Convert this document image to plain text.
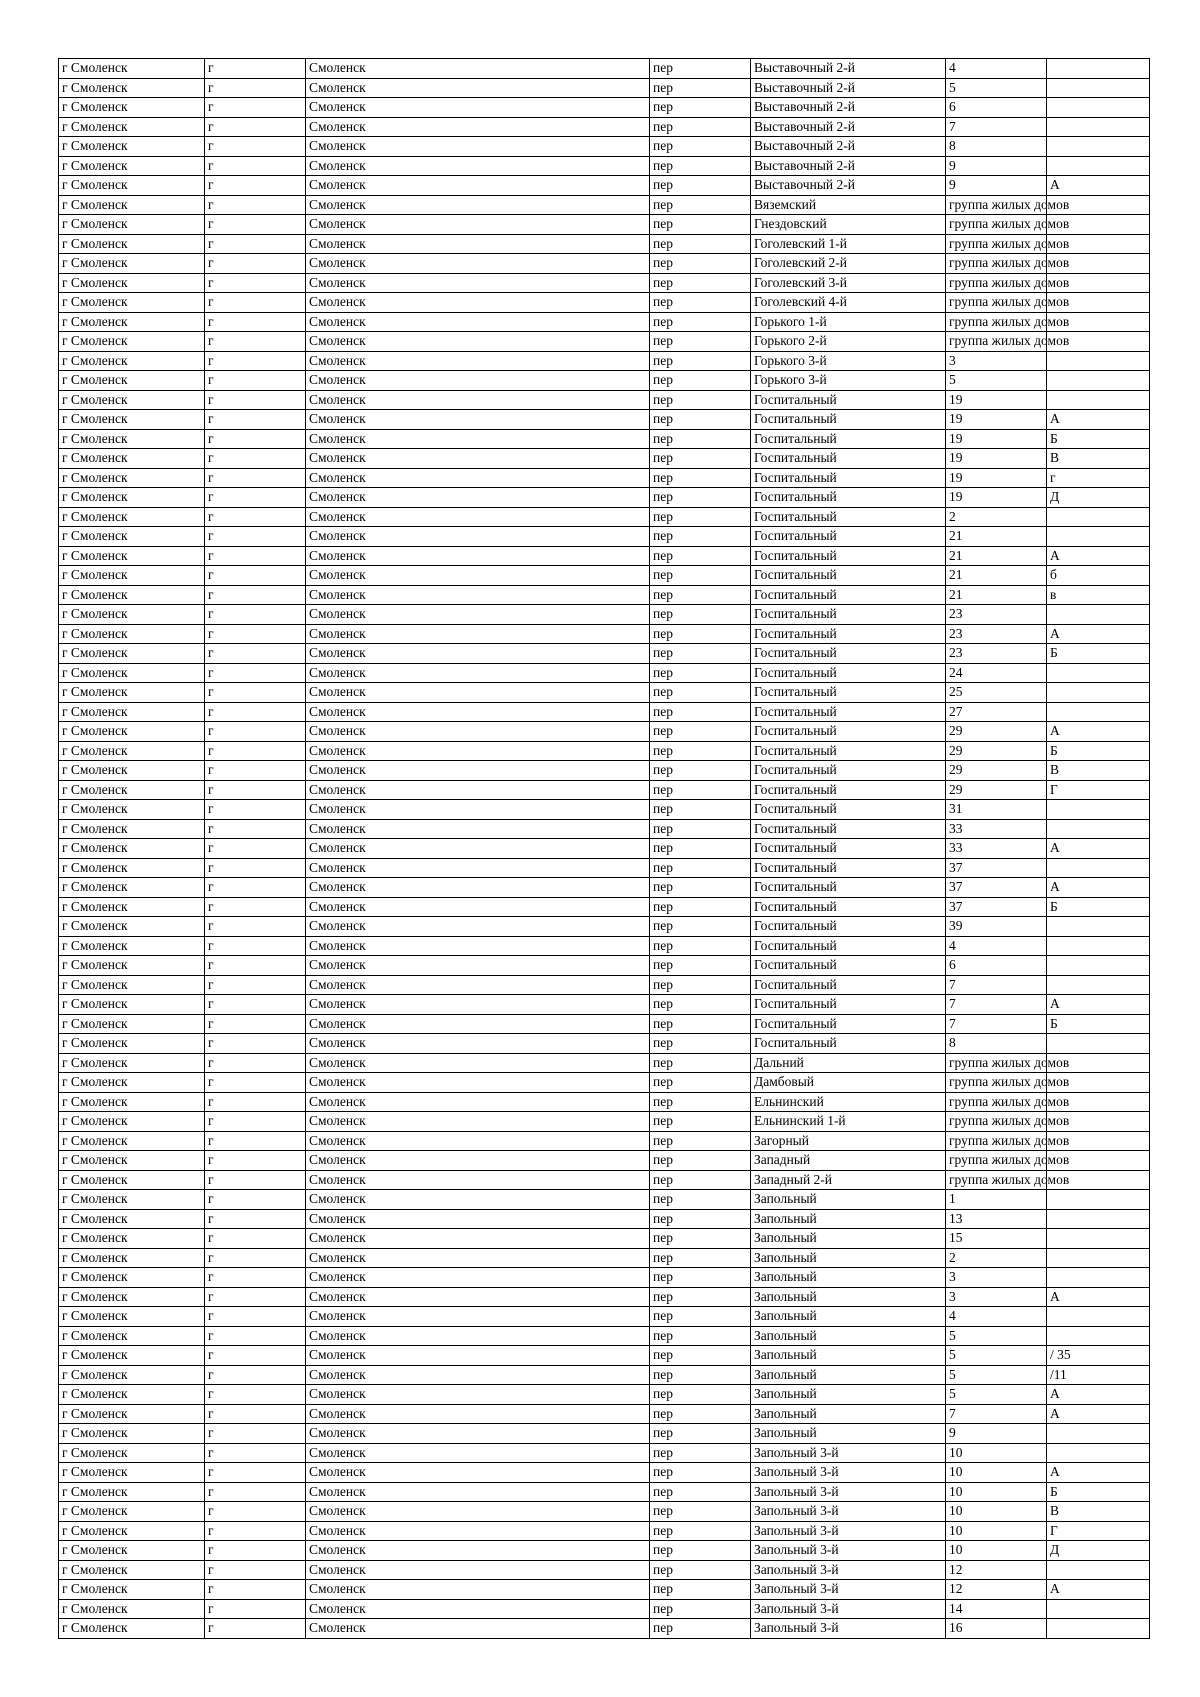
г Смоленск	г	Смоленск	пер	Выставочный 2-й	4	
г Смоленск	г	Смоленск	пер	Выставочный 2-й	5	
г Смоленск	г	Смоленск	пер	Выставочный 2-й	6	
г Смоленск	г	Смоленск	пер	Выставочный 2-й	7	
г Смоленск	г	Смоленск	пер	Выставочный 2-й	8	
г Смоленск	г	Смоленск	пер	Выставочный 2-й	9	
г Смоленск	г	Смоленск	пер	Выставочный 2-й	9	А
г Смоленск	г	Смоленск	пер	Вяземский	группа жилых домов	
г Смоленск	г	Смоленск	пер	Гнездовский	группа жилых домов	
г Смоленск	г	Смоленск	пер	Гоголевский 1-й	группа жилых домов	
г Смоленск	г	Смоленск	пер	Гоголевский 2-й	группа жилых домов	
г Смоленск	г	Смоленск	пер	Гоголевский 3-й	группа жилых домов	
г Смоленск	г	Смоленск	пер	Гоголевский 4-й	группа жилых домов	
г Смоленск	г	Смоленск	пер	Горького 1-й	группа жилых домов	
г Смоленск	г	Смоленск	пер	Горького 2-й	группа жилых домов	
г Смоленск	г	Смоленск	пер	Горького 3-й	3	
г Смоленск	г	Смоленск	пер	Горького 3-й	5	
г Смоленск	г	Смоленск	пер	Госпитальный	19	
г Смоленск	г	Смоленск	пер	Госпитальный	19	А
г Смоленск	г	Смоленск	пер	Госпитальный	19	Б
г Смоленск	г	Смоленск	пер	Госпитальный	19	В
г Смоленск	г	Смоленск	пер	Госпитальный	19	г
г Смоленск	г	Смоленск	пер	Госпитальный	19	Д
г Смоленск	г	Смоленск	пер	Госпитальный	2	
г Смоленск	г	Смоленск	пер	Госпитальный	21	
г Смоленск	г	Смоленск	пер	Госпитальный	21	А
г Смоленск	г	Смоленск	пер	Госпитальный	21	б
г Смоленск	г	Смоленск	пер	Госпитальный	21	в
г Смоленск	г	Смоленск	пер	Госпитальный	23	
г Смоленск	г	Смоленск	пер	Госпитальный	23	А
г Смоленск	г	Смоленск	пер	Госпитальный	23	Б
г Смоленск	г	Смоленск	пер	Госпитальный	24	
г Смоленск	г	Смоленск	пер	Госпитальный	25	
г Смоленск	г	Смоленск	пер	Госпитальный	27	
г Смоленск	г	Смоленск	пер	Госпитальный	29	А
г Смоленск	г	Смоленск	пер	Госпитальный	29	Б
г Смоленск	г	Смоленск	пер	Госпитальный	29	В
г Смоленск	г	Смоленск	пер	Госпитальный	29	Г
г Смоленск	г	Смоленск	пер	Госпитальный	31	
г Смоленск	г	Смоленск	пер	Госпитальный	33	
г Смоленск	г	Смоленск	пер	Госпитальный	33	А
г Смоленск	г	Смоленск	пер	Госпитальный	37	
г Смоленск	г	Смоленск	пер	Госпитальный	37	А
г Смоленск	г	Смоленск	пер	Госпитальный	37	Б
г Смоленск	г	Смоленск	пер	Госпитальный	39	
г Смоленск	г	Смоленск	пер	Госпитальный	4	
г Смоленск	г	Смоленск	пер	Госпитальный	6	
г Смоленск	г	Смоленск	пер	Госпитальный	7	
г Смоленск	г	Смоленск	пер	Госпитальный	7	А
г Смоленск	г	Смоленск	пер	Госпитальный	7	Б
г Смоленск	г	Смоленск	пер	Госпитальный	8	
г Смоленск	г	Смоленск	пер	Дальний	группа жилых домов	
г Смоленск	г	Смоленск	пер	Дамбовый	группа жилых домов	
г Смоленск	г	Смоленск	пер	Ельнинский	группа жилых домов	
г Смоленск	г	Смоленск	пер	Ельнинский 1-й	группа жилых домов	
г Смоленск	г	Смоленск	пер	Загорный	группа жилых домов	
г Смоленск	г	Смоленск	пер	Западный	группа жилых домов	
г Смоленск	г	Смоленск	пер	Западный 2-й	группа жилых домов	
г Смоленск	г	Смоленск	пер	Запольный	1	
г Смоленск	г	Смоленск	пер	Запольный	13	
г Смоленск	г	Смоленск	пер	Запольный	15	
г Смоленск	г	Смоленск	пер	Запольный	2	
г Смоленск	г	Смоленск	пер	Запольный	3	
г Смоленск	г	Смоленск	пер	Запольный	3	А
г Смоленск	г	Смоленск	пер	Запольный	4	
г Смоленск	г	Смоленск	пер	Запольный	5	
г Смоленск	г	Смоленск	пер	Запольный	5	/ 35
г Смоленск	г	Смоленск	пер	Запольный	5	/11
г Смоленск	г	Смоленск	пер	Запольный	5	А
г Смоленск	г	Смоленск	пер	Запольный	7	А
г Смоленск	г	Смоленск	пер	Запольный	9	
г Смоленск	г	Смоленск	пер	Запольный 3-й	10	
г Смоленск	г	Смоленск	пер	Запольный 3-й	10	А
г Смоленск	г	Смоленск	пер	Запольный 3-й	10	Б
г Смоленск	г	Смоленск	пер	Запольный 3-й	10	В
г Смоленск	г	Смоленск	пер	Запольный 3-й	10	Г
г Смоленск	г	Смоленск	пер	Запольный 3-й	10	Д
г Смоленск	г	Смоленск	пер	Запольный 3-й	12	
г Смоленск	г	Смоленск	пер	Запольный 3-й	12	А
г Смоленск	г	Смоленск	пер	Запольный 3-й	14	
г Смоленск	г	Смоленск	пер	Запольный 3-й	16	
